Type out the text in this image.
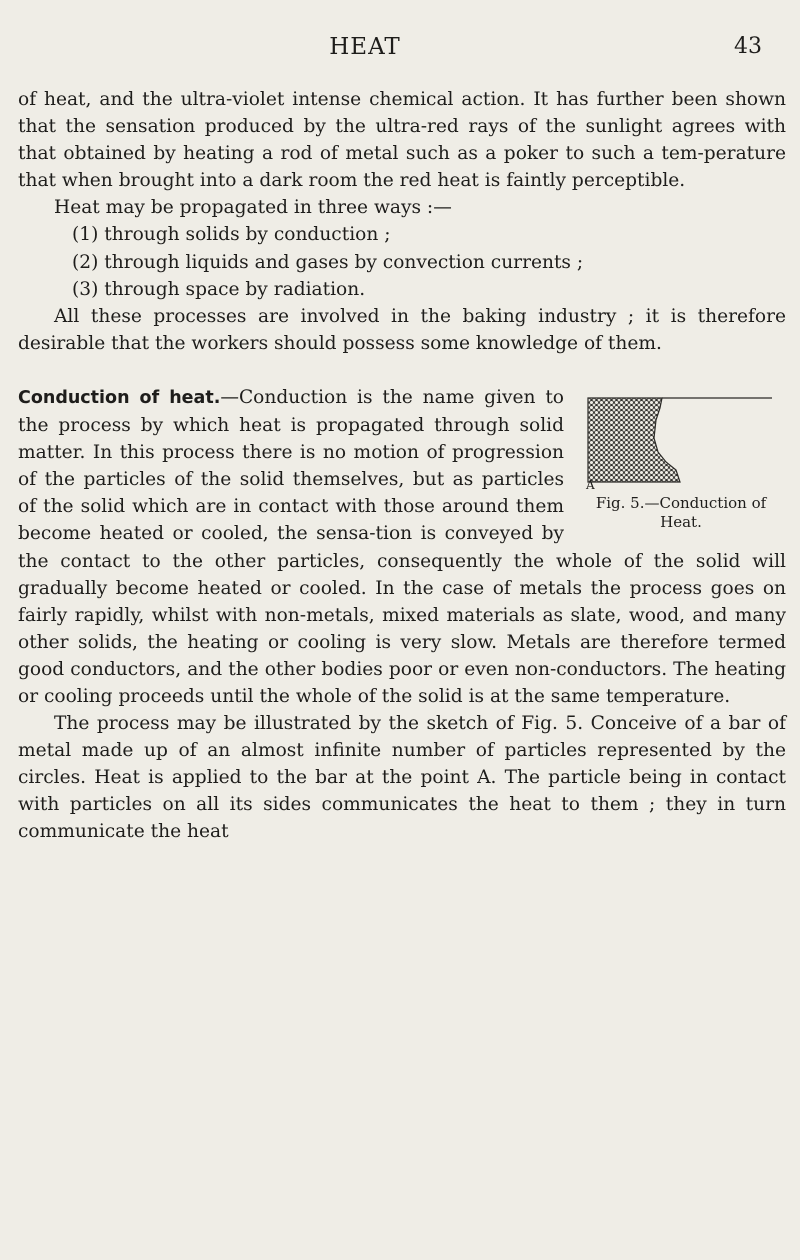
HEAT	43

of heat, and the ultra-violet intense chemical action. It has further been shown that the sensation produced by the ultra-red rays of the sunlight agrees with that obtained by heating a rod of metal such as a poker to such a tem-perature that when brought into a dark room the red heat is faintly perceptible.

Heat may be propagated in three ways :—

(1) through solids by conduction ;

(2) through liquids and gases by convection currents ;

(3) through space by radiation.

All these processes are involved in the baking industry ; it is therefore desirable that the workers should possess some knowledge of them.

A
Fig. 5.—Conduction of Heat.
Conduction of heat.—Conduction is the name given to the process by which heat is propagated through solid matter. In this process there is no motion of progression of the particles of the solid themselves, but as particles of the solid which are in contact with those around them become heated or cooled, the sensa-tion is conveyed by the contact to the other particles, consequently the whole of the solid will gradually become heated or cooled. In the case of metals the process goes on fairly rapidly, whilst with non-metals, mixed materials as slate, wood, and many other solids, the heating or cooling is very slow. Metals are therefore termed good conductors, and the other bodies poor or even non-conductors. The heating or cooling proceeds until the whole of the solid is at the same temperature.

The process may be illustrated by the sketch of Fig. 5. Conceive of a bar of metal made up of an almost infinite number of particles represented by the circles. Heat is applied to the bar at the point A. The particle being in contact with particles on all its sides communicates the heat to them ; they in turn communicate the heat
